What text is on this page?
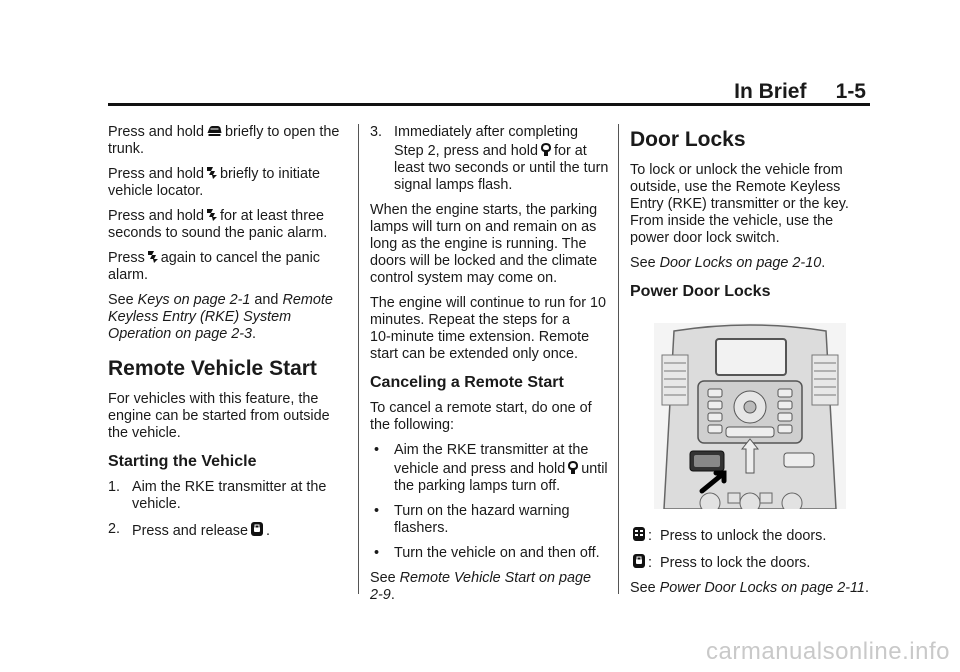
In Brief     1-5

Press and hold briefly to open the trunk.

Press and hold briefly to initiate vehicle locator.

Press and hold for at least three seconds to sound the panic alarm.

Press again to cancel the panic alarm.

See Keys on page 2‑1 and Remote Keyless Entry (RKE) System Operation on page 2‑3.

Remote Vehicle Start

For vehicles with this feature, the engine can be started from outside the vehicle.

Starting the Vehicle
1. Aim the RKE transmitter at the vehicle.
2. Press and release .
3. Immediately after completing Step 2, press and hold for at least two seconds or until the turn signal lamps flash.

When the engine starts, the parking lamps will turn on and remain on as long as the engine is running. The doors will be locked and the climate control system may come on.

The engine will continue to run for 10 minutes. Repeat the steps for a 10‑minute time extension. Remote start can be extended only once.

Canceling a Remote Start

To cancel a remote start, do one of the following:

•	Aim the RKE transmitter at the vehicle and press and hold until the parking lamps turn off.
•	Turn on the hazard warning flashers.
•	Turn the vehicle on and then off.

See Remote Vehicle Start on page 2‑9.

Door Locks

To lock or unlock the vehicle from outside, use the Remote Keyless Entry (RKE) transmitter or the key. From inside the vehicle, use the power door lock switch.

See Door Locks on page 2‑10.

Power Door Locks

: Press to unlock the doors.

: Press to lock the doors.

See Power Door Locks on page 2‑11.

carmanualsonline.info
